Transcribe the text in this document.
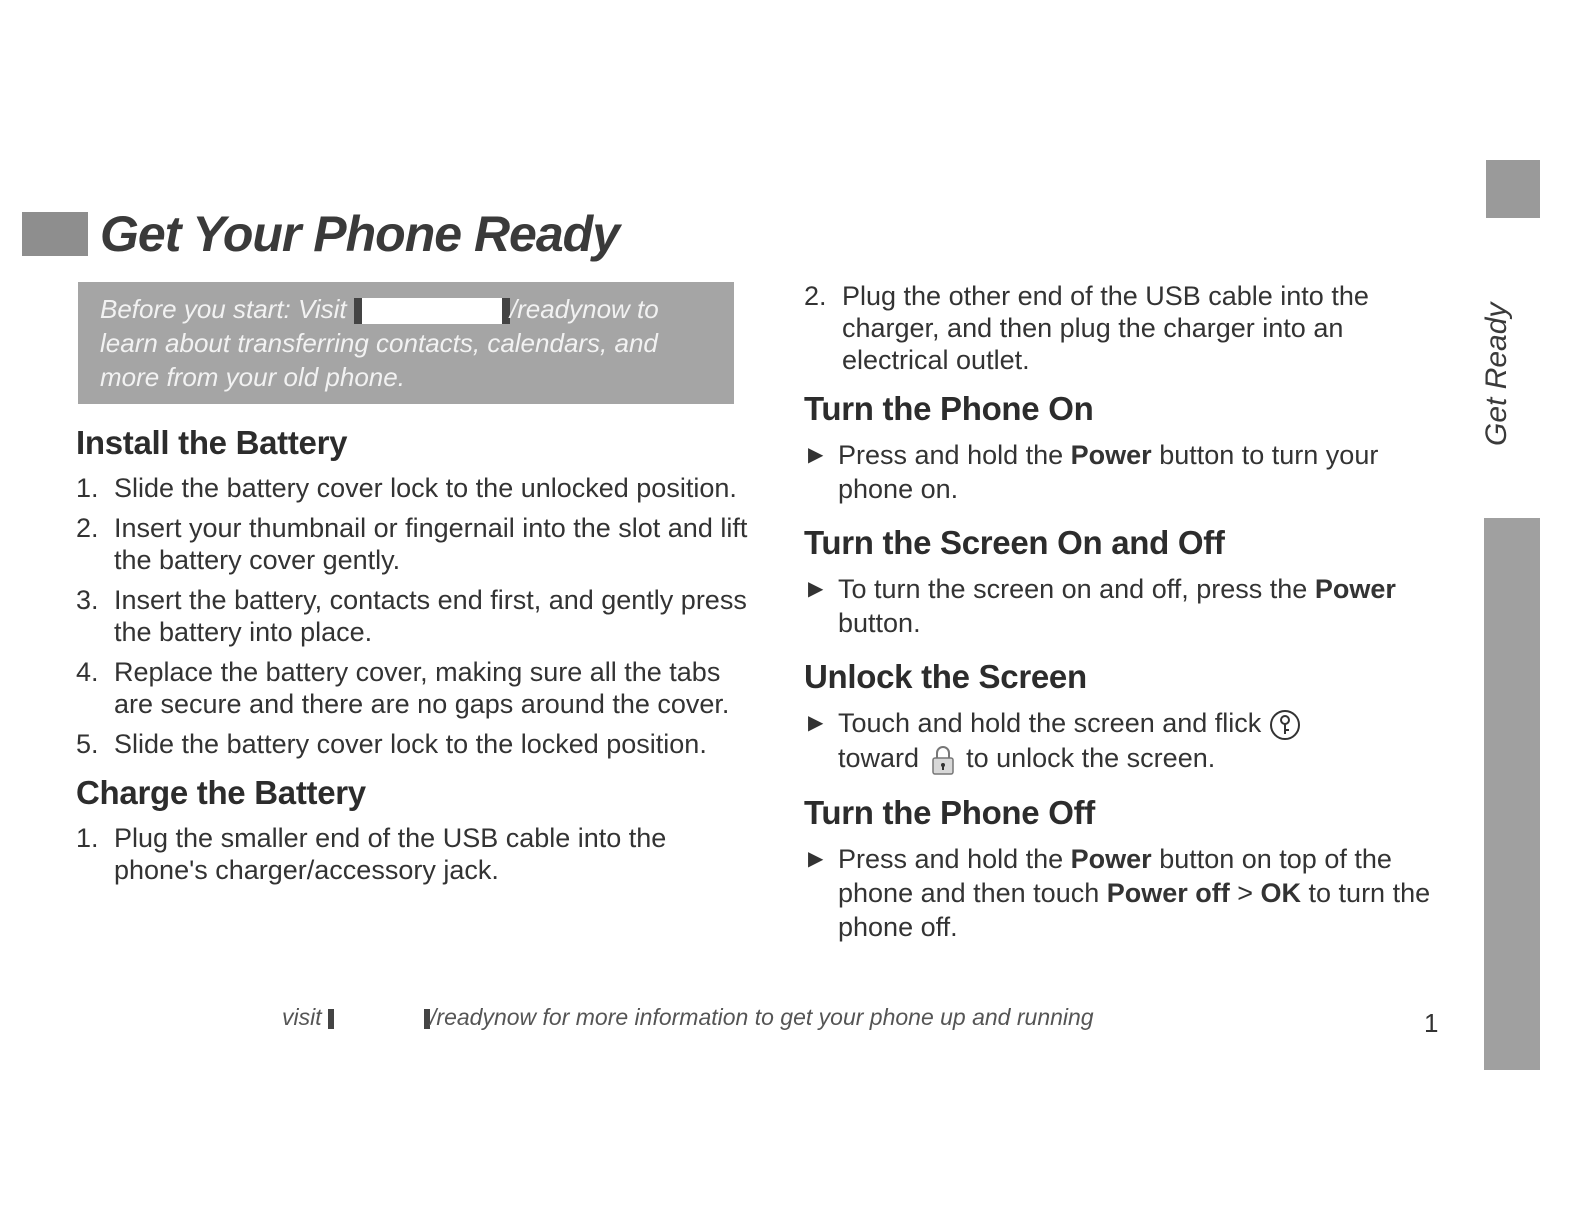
Get Your Phone Ready
Before you start: Visit	/readynow to learn about transferring contacts, calendars, and more from your old phone.
Install the Battery
1. Slide the battery cover lock to the unlocked position.
2. Insert your thumbnail or fingernail into the slot and lift the battery cover gently.
3. Insert the battery, contacts end first, and gently press the battery into place.
4. Replace the battery cover, making sure all the tabs are secure and there are no gaps around the cover.
5. Slide the battery cover lock to the locked position.
Charge the Battery
1. Plug the smaller end of the USB cable into the phone's charger/accessory jack.
2. Plug the other end of the USB cable into the charger, and then plug the charger into an electrical outlet.
Turn the Phone On

▶ Press and hold the Power button to turn your phone on.

Turn the Screen On and Off

▶ To turn the screen on and off, press the Power button.

Unlock the Screen

▶ Touch and hold the screen and flick
toward to unlock the screen.

Turn the Phone Off

▶ Press and hold the Power button on top of the phone and then touch Power off > OK to turn the phone off.

Get Ready
visit	/readynow for more information to get your phone up and running	1
